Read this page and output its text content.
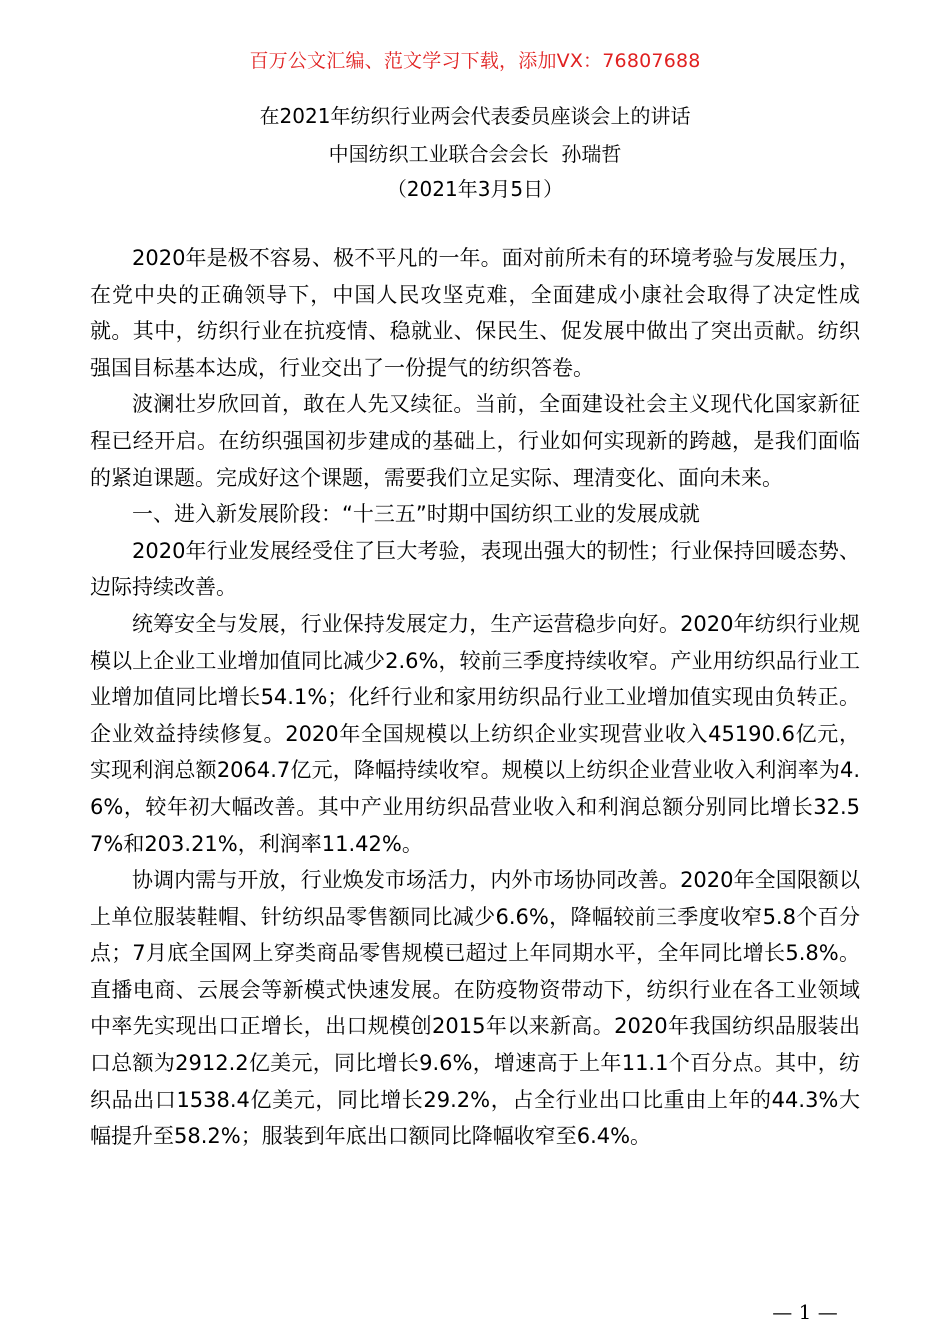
百万公文汇编、范文学习下载，添加VX：76807688
在2021年纺织行业两会代表委员座谈会上的讲话
中国纺织工业联合会会长  孙瑞哲
（2021年3月5日）

2020年是极不容易、极不平凡的一年。面对前所未有的环境考验与发展压力，在党中央的正确领导下，中国人民攻坚克难，全面建成小康社会取得了决定性成就。其中，纺织行业在抗疫情、稳就业、保民生、促发展中做出了突出贡献。纺织强国目标基本达成，行业交出了一份提气的纺织答卷。

波澜壮岁欣回首，敢在人先又续征。当前，全面建设社会主义现代化国家新征程已经开启。在纺织强国初步建成的基础上，行业如何实现新的跨越，是我们面临的紧迫课题。完成好这个课题，需要我们立足实际、理清变化、面向未来。

一、进入新发展阶段：“十三五”时期中国纺织工业的发展成就

2020年行业发展经受住了巨大考验，表现出强大的韧性；行业保持回暖态势、边际持续改善。

统筹安全与发展，行业保持发展定力，生产运营稳步向好。2020年纺织行业规模以上企业工业增加值同比减少2.6%，较前三季度持续收窄。产业用纺织品行业工业增加值同比增长54.1%；化纤行业和家用纺织品行业工业增加值实现由负转正。企业效益持续修复。2020年全国规模以上纺织企业实现营业收入45190.6亿元，实现利润总额2064.7亿元，降幅持续收窄。规模以上纺织企业营业收入利润率为4.6%，较年初大幅改善。其中产业用纺织品营业收入和利润总额分别同比增长32.57%和203.21%，利润率11.42%。

协调内需与开放，行业焕发市场活力，内外市场协同改善。2020年全国限额以上单位服装鞋帽、针纺织品零售额同比减少6.6%，降幅较前三季度收窄5.8个百分点；7月底全国网上穿类商品零售规模已超过上年同期水平，全年同比增长5.8%。直播电商、云展会等新模式快速发展。在防疫物资带动下，纺织行业在各工业领域中率先实现出口正增长，出口规模创2015年以来新高。2020年我国纺织品服装出口总额为2912.2亿美元，同比增长9.6%，增速高于上年11.1个百分点。其中，纺织品出口1538.4亿美元，同比增长29.2%，占全行业出口比重由上年的44.3%大幅提升至58.2%；服装到年底出口额同比降幅收窄至6.4%。

— 1 —
